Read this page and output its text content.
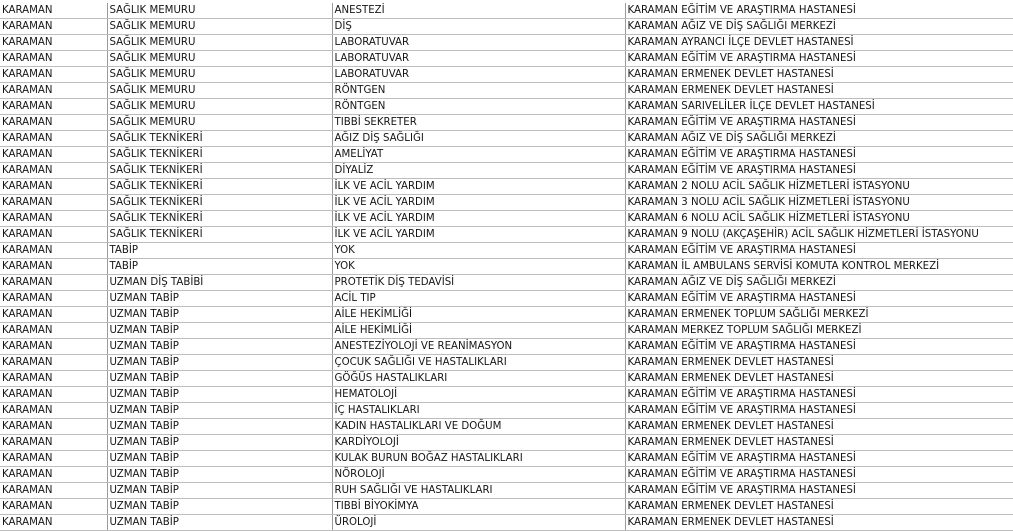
KARAMAN	SAĞLIK MEMURU	ANESTEZİ	KARAMAN EĞİTİM VE ARAŞTIRMA HASTANESİ
KARAMAN	SAĞLIK MEMURU	DİŞ	KARAMAN AĞIZ VE DİŞ SAĞLIĞI MERKEZİ
KARAMAN	SAĞLIK MEMURU	LABORATUVAR	KARAMAN AYRANCI İLÇE DEVLET HASTANESİ
KARAMAN	SAĞLIK MEMURU	LABORATUVAR	KARAMAN EĞİTİM VE ARAŞTIRMA HASTANESİ
KARAMAN	SAĞLIK MEMURU	LABORATUVAR	KARAMAN ERMENEK DEVLET HASTANESİ
KARAMAN	SAĞLIK MEMURU	RÖNTGEN	KARAMAN ERMENEK DEVLET HASTANESİ
KARAMAN	SAĞLIK MEMURU	RÖNTGEN	KARAMAN SARIVELİLER İLÇE DEVLET HASTANESİ
KARAMAN	SAĞLIK MEMURU	TIBBİ SEKRETER	KARAMAN EĞİTİM VE ARAŞTIRMA HASTANESİ
KARAMAN	SAĞLIK TEKNİKERİ	AĞIZ DİŞ SAĞLIĞI	KARAMAN AĞIZ VE DİŞ SAĞLIĞI MERKEZİ
KARAMAN	SAĞLIK TEKNİKERİ	AMELİYAT	KARAMAN EĞİTİM VE ARAŞTIRMA HASTANESİ
KARAMAN	SAĞLIK TEKNİKERİ	DİYALİZ	KARAMAN EĞİTİM VE ARAŞTIRMA HASTANESİ
KARAMAN	SAĞLIK TEKNİKERİ	İLK VE ACİL YARDIM	KARAMAN 2 NOLU ACİL SAĞLIK HİZMETLERİ İSTASYONU
KARAMAN	SAĞLIK TEKNİKERİ	İLK VE ACİL YARDIM	KARAMAN 3 NOLU ACİL SAĞLIK HİZMETLERİ İSTASYONU
KARAMAN	SAĞLIK TEKNİKERİ	İLK VE ACİL YARDIM	KARAMAN 6 NOLU ACİL SAĞLIK HİZMETLERİ İSTASYONU
KARAMAN	SAĞLIK TEKNİKERİ	İLK VE ACİL YARDIM	KARAMAN 9 NOLU (AKÇAŞEHİR) ACİL SAĞLIK HİZMETLERİ İSTASYONU
KARAMAN	TABİP	YOK	KARAMAN EĞİTİM VE ARAŞTIRMA HASTANESİ
KARAMAN	TABİP	YOK	KARAMAN İL AMBULANS SERVİSİ KOMUTA KONTROL MERKEZİ
KARAMAN	UZMAN DİŞ TABİBİ	PROTETİK DİŞ TEDAVİSİ	KARAMAN AĞIZ VE DİŞ SAĞLIĞI MERKEZİ
KARAMAN	UZMAN TABİP	ACİL TIP	KARAMAN EĞİTİM VE ARAŞTIRMA HASTANESİ
KARAMAN	UZMAN TABİP	AİLE HEKİMLİĞİ	KARAMAN ERMENEK TOPLUM SAĞLIĞI MERKEZİ
KARAMAN	UZMAN TABİP	AİLE HEKİMLİĞİ	KARAMAN MERKEZ TOPLUM SAĞLIĞI MERKEZİ
KARAMAN	UZMAN TABİP	ANESTEZİYOLOJİ VE REANİMASYON	KARAMAN EĞİTİM VE ARAŞTIRMA HASTANESİ
KARAMAN	UZMAN TABİP	ÇOCUK SAĞLIĞI VE HASTALIKLARI	KARAMAN ERMENEK DEVLET HASTANESİ
KARAMAN	UZMAN TABİP	GÖĞÜS HASTALIKLARI	KARAMAN ERMENEK DEVLET HASTANESİ
KARAMAN	UZMAN TABİP	HEMATOLOJİ	KARAMAN EĞİTİM VE ARAŞTIRMA HASTANESİ
KARAMAN	UZMAN TABİP	İÇ HASTALIKLARI	KARAMAN EĞİTİM VE ARAŞTIRMA HASTANESİ
KARAMAN	UZMAN TABİP	KADIN HASTALIKLARI VE DOĞUM	KARAMAN ERMENEK DEVLET HASTANESİ
KARAMAN	UZMAN TABİP	KARDİYOLOJİ	KARAMAN ERMENEK DEVLET HASTANESİ
KARAMAN	UZMAN TABİP	KULAK BURUN BOĞAZ HASTALIKLARI	KARAMAN EĞİTİM VE ARAŞTIRMA HASTANESİ
KARAMAN	UZMAN TABİP	NÖROLOJİ	KARAMAN EĞİTİM VE ARAŞTIRMA HASTANESİ
KARAMAN	UZMAN TABİP	RUH SAĞLIĞI VE HASTALIKLARI	KARAMAN EĞİTİM VE ARAŞTIRMA HASTANESİ
KARAMAN	UZMAN TABİP	TIBBİ BİYOKİMYA	KARAMAN ERMENEK DEVLET HASTANESİ
KARAMAN	UZMAN TABİP	ÜROLOJİ	KARAMAN ERMENEK DEVLET HASTANESİ
